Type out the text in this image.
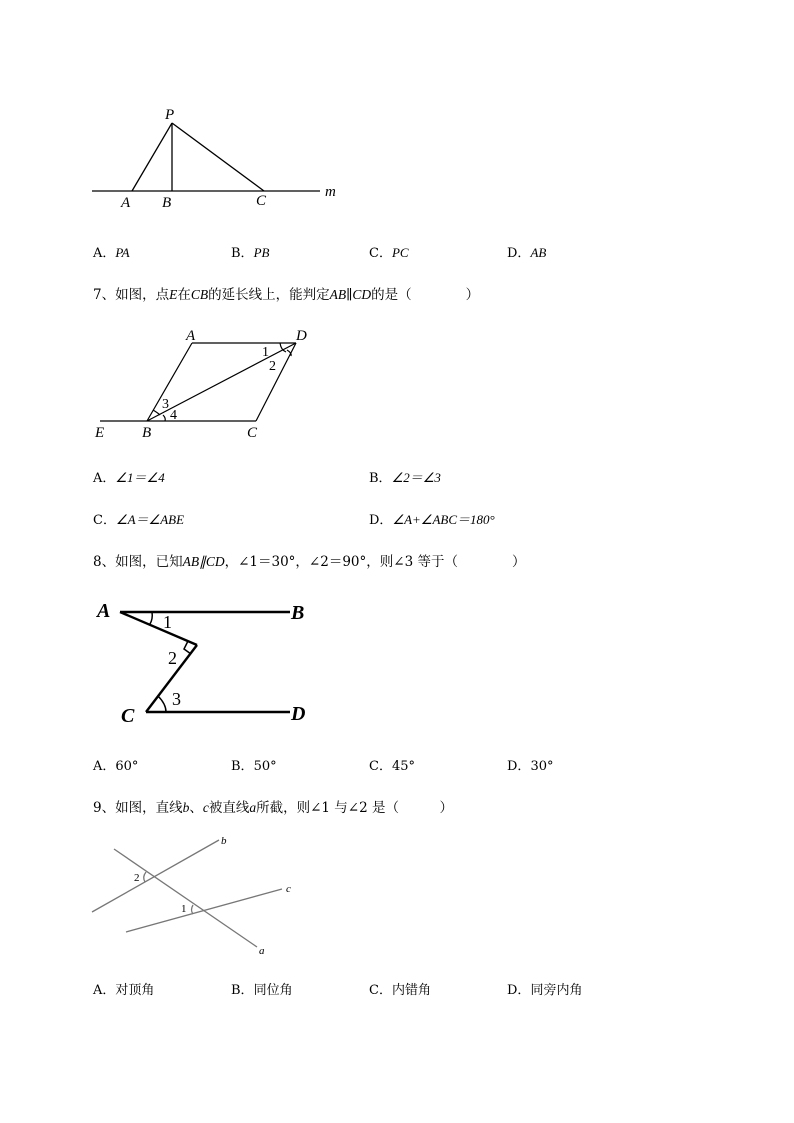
P
A B	C
m
A．PA	B．PB	C．PC	D．AB
7、如图，点E在CB的延长线上，能判定AB∥CD的是（　　　　）
A	D
E	B	C
1
2
3
4
A．∠1＝∠4	B．∠2＝∠3
C．∠A＝∠ABE	D．∠A+∠ABC＝180°
8、如图，已知AB∥CD，∠1＝30°，∠2＝90°，则∠3 等于（　　　　）
A	B
C	D
1
2
3
A．60°	B．50°	C．45°	D．30°
9、如图，直线b、c被直线a所截，则∠1 与∠2 是（　　　）
b
c
a
2
1
A．对顶角	B．同位角	C．内错角	D．同旁内角
